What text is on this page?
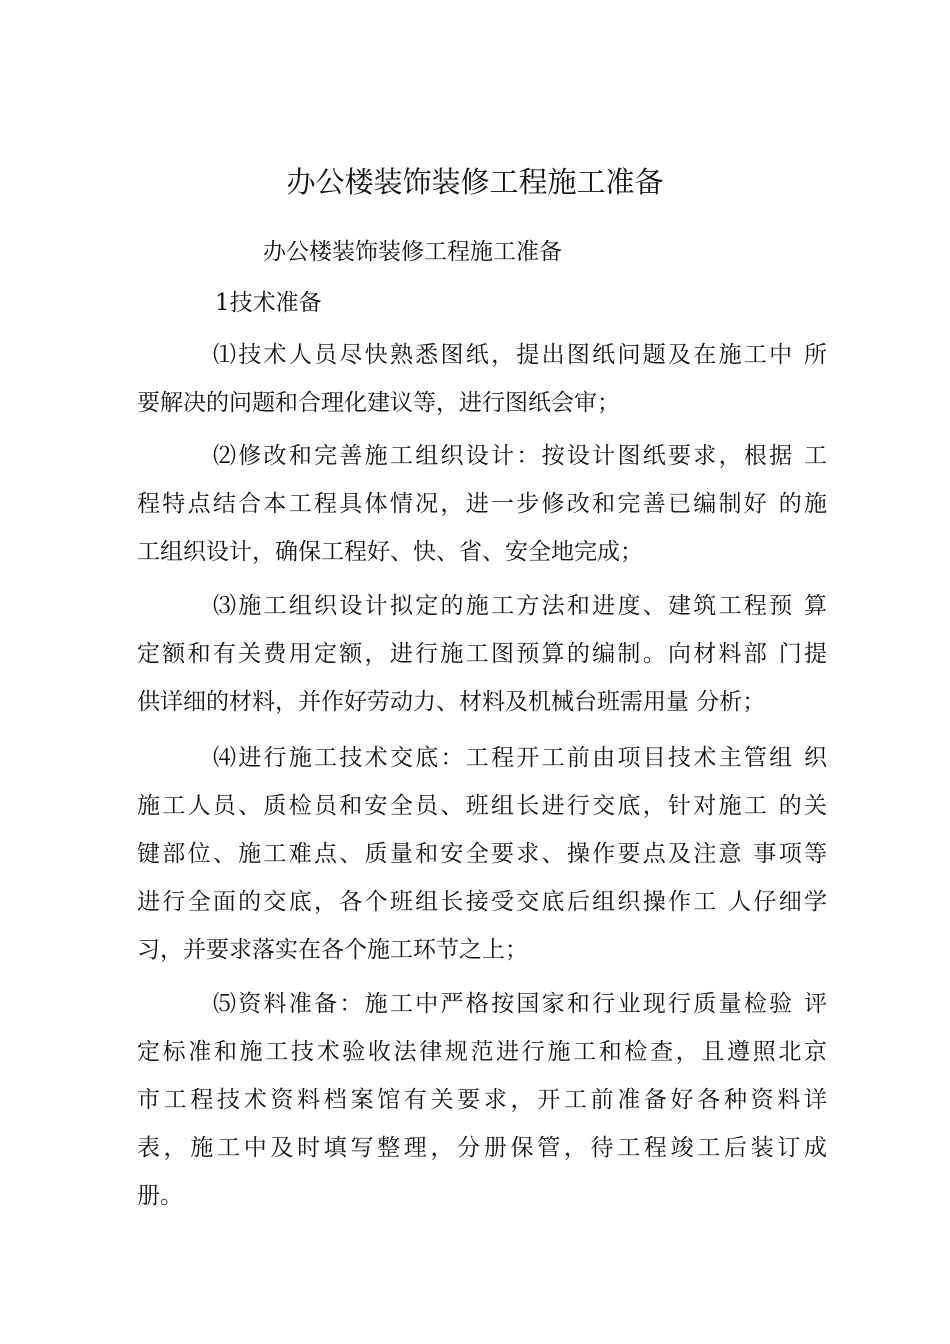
办公楼装饰装修工程施工准备
办公楼装饰装修工程施工准备
1技术准备
⑴技术人员尽快熟悉图纸，提出图纸问题及在施工中 所
要解决的问题和合理化建议等，进行图纸会审；
⑵修改和完善施工组织设计：按设计图纸要求，根据 工
程特点结合本工程具体情况，进一步修改和完善已编制好 的施
工组织设计，确保工程好、快、省、安全地完成；
⑶施工组织设计拟定的施工方法和进度、建筑工程预 算
定额和有关费用定额，进行施工图预算的编制。向材料部 门提
供详细的材料，并作好劳动力、材料及机械台班需用量 分析；
⑷进行施工技术交底：工程开工前由项目技术主管组 织
施工人员、质检员和安全员、班组长进行交底，针对施工 的关
键部位、施工难点、质量和安全要求、操作要点及注意 事项等
进行全面的交底，各个班组长接受交底后组织操作工 人仔细学
习，并要求落实在各个施工环节之上；
⑸资料准备：施工中严格按国家和行业现行质量检验 评
定标准和施工技术验收法律规范进行施工和检查，且遵照北京
市工程技术资料档案馆有关要求，开工前准备好各种资料详
表，施工中及时填写整理，分册保管，待工程竣工后装订成
册。
